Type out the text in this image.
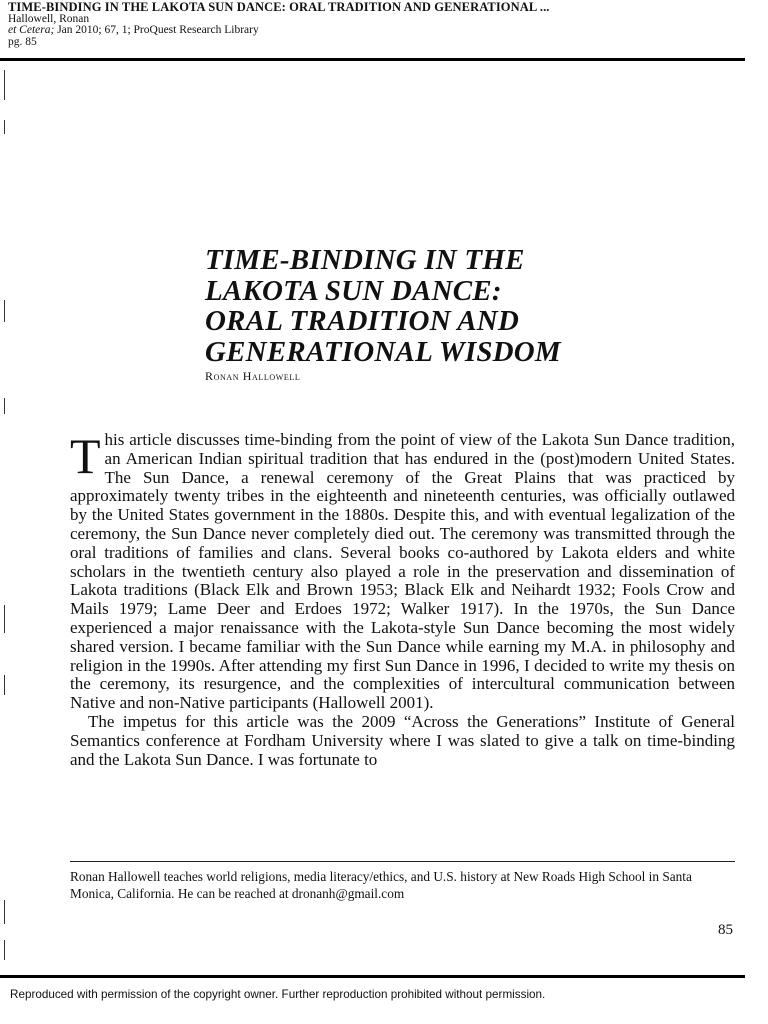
TIME-BINDING IN THE LAKOTA SUN DANCE: ORAL TRADITION AND GENERATIONAL ...
Hallowell, Ronan
et Cetera; Jan 2010; 67, 1; ProQuest Research Library
pg. 85
TIME-BINDING IN THE
LAKOTA SUN DANCE:
ORAL TRADITION AND
GENERATIONAL WISDOM
Ronan Hallowell

This article discusses time-binding from the point of view of the Lakota Sun Dance tradition, an American Indian spiritual tradition that has endured in the (post)modern United States. The Sun Dance, a renewal ceremony of the Great Plains that was practiced by approximately twenty tribes in the eighteenth and nineteenth centuries, was officially outlawed by the United States government in the 1880s. Despite this, and with eventual legalization of the ceremony, the Sun Dance never completely died out. The ceremony was transmitted through the oral traditions of families and clans. Several books co-authored by Lakota elders and white scholars in the twentieth century also played a role in the preservation and dissemination of Lakota traditions (Black Elk and Brown 1953; Black Elk and Neihardt 1932; Fools Crow and Mails 1979; Lame Deer and Erdoes 1972; Walker 1917). In the 1970s, the Sun Dance experienced a major renaissance with the Lakota-style Sun Dance becoming the most widely shared version. I became familiar with the Sun Dance while earning my M.A. in philosophy and religion in the 1990s. After attending my first Sun Dance in 1996, I decided to write my thesis on the ceremony, its resurgence, and the complexities of intercultural communication between Native and non-Native participants (Hallowell 2001).

The impetus for this article was the 2009 “Across the Generations” Institute of General Semantics conference at Fordham University where I was slated to give a talk on time-binding and the Lakota Sun Dance. I was fortunate to

Ronan Hallowell teaches world religions, media literacy/ethics, and U.S. history at New Roads High School in Santa Monica, California. He can be reached at dronanh@gmail.com
85
Reproduced with permission of the copyright owner. Further reproduction prohibited without permission.
